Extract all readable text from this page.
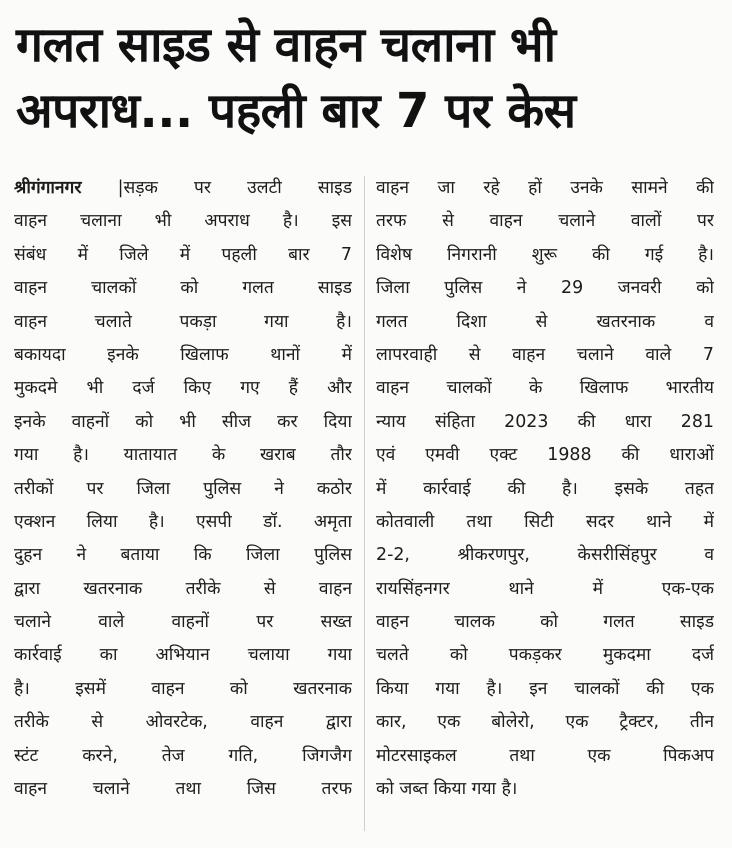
गलत साइड से वाहन चलाना भी
अपराध... पहली बार 7 पर केस
श्रीगंगानगर |सड़क पर उलटी साइड
वाहन चलाना भी अपराध है। इस
संबंध में जिले में पहली बार 7
वाहन चालकों को गलत साइड
वाहन चलाते पकड़ा गया है।
बकायदा इनके खिलाफ थानों में
मुकदमे भी दर्ज किए गए हैं और
इनके वाहनों को भी सीज कर दिया
गया है। यातायात के खराब तौर
तरीकों पर जिला पुलिस ने कठोर
एक्शन लिया है। एसपी डॉ. अमृता
दुहन ने बताया कि जिला पुलिस
द्वारा खतरनाक तरीके से वाहन
चलाने वाले वाहनों पर सख्त
कार्रवाई का अभियान चलाया गया
है। इसमें वाहन को खतरनाक
तरीके से ओवरटेक, वाहन द्वारा
स्टंट करने, तेज गति, जिगजैग
वाहन चलाने तथा जिस तरफ
वाहन जा रहे हों उनके सामने की
तरफ से वाहन चलाने वालों पर
विशेष निगरानी शुरू की गई है।
जिला पुलिस ने 29 जनवरी को
गलत दिशा से खतरनाक व
लापरवाही से वाहन चलाने वाले 7
वाहन चालकों के खिलाफ भारतीय
न्याय संहिता 2023 की धारा 281
एवं एमवी एक्ट 1988 की धाराओं
में कार्रवाई की है। इसके तहत
कोतवाली तथा सिटी सदर थाने में
2-2, श्रीकरणपुर, केसरीसिंहपुर व
रायसिंहनगर थाने में एक-एक
वाहन चालक को गलत साइड
चलते को पकड़कर मुकदमा दर्ज
किया गया है। इन चालकों की एक
कार, एक बोलेरो, एक ट्रैक्टर, तीन
मोटरसाइकल तथा एक पिकअप
को जब्त किया गया है।
